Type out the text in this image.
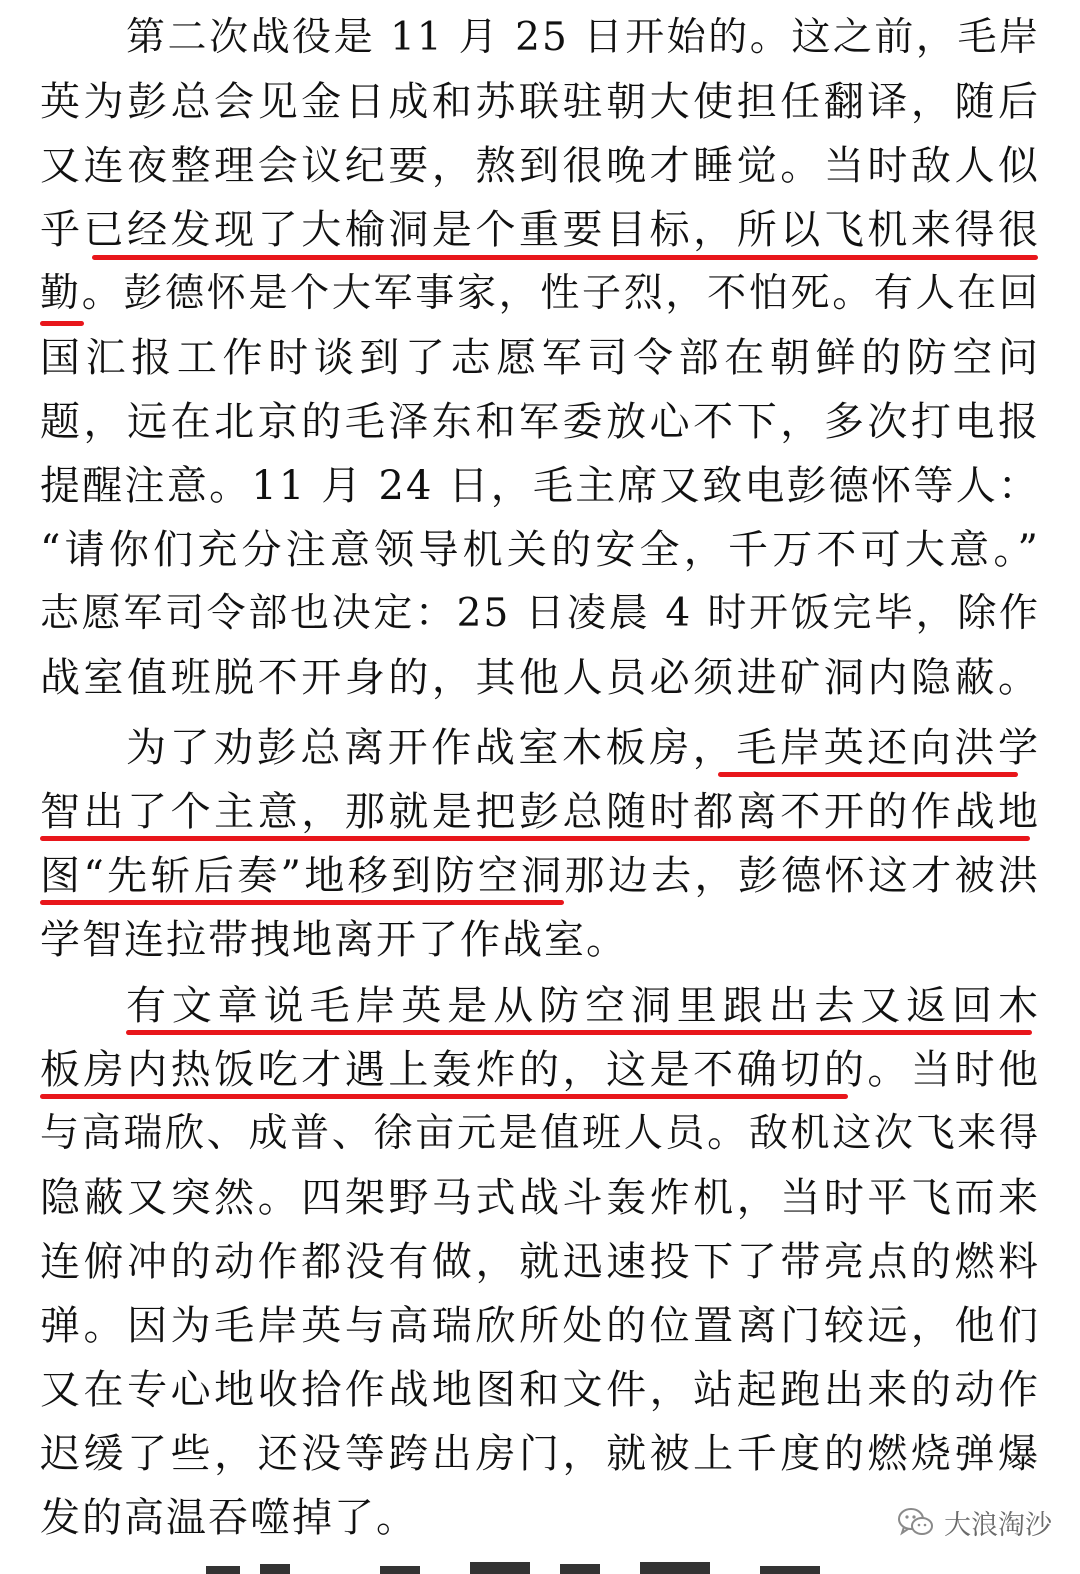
第二次战役是 11 月 25 日开始的。这之前，毛岸
英为彭总会见金日成和苏联驻朝大使担任翻译，随后
又连夜整理会议纪要，熬到很晚才睡觉。当时敌人似
乎已经发现了大榆洞是个重要目标，所以飞机来得很
勤。彭德怀是个大军事家，性子烈，不怕死。有人在回
国汇报工作时谈到了志愿军司令部在朝鲜的防空问
题，远在北京的毛泽东和军委放心不下，多次打电报
提醒注意。11 月 24 日，毛主席又致电彭德怀等人：
“请你们充分注意领导机关的安全，千万不可大意。”
志愿军司令部也决定：25 日凌晨 4 时开饭完毕，除作
战室值班脱不开身的，其他人员必须进矿洞内隐蔽。
为了劝彭总离开作战室木板房，毛岸英还向洪学
智出了个主意，那就是把彭总随时都离不开的作战地
图“先斩后奏”地移到防空洞那边去，彭德怀这才被洪
学智连拉带拽地离开了作战室。
有文章说毛岸英是从防空洞里跟出去又返回木
板房内热饭吃才遇上轰炸的，这是不确切的。当时他
与高瑞欣、成普、徐亩元是值班人员。敌机这次飞来得
隐蔽又突然。四架野马式战斗轰炸机，当时平飞而来
连俯冲的动作都没有做，就迅速投下了带亮点的燃料
弹。因为毛岸英与高瑞欣所处的位置离门较远，他们
又在专心地收拾作战地图和文件，站起跑出来的动作
迟缓了些，还没等跨出房门，就被上千度的燃烧弹爆
发的高温吞噬掉了。	大浪淘沙
